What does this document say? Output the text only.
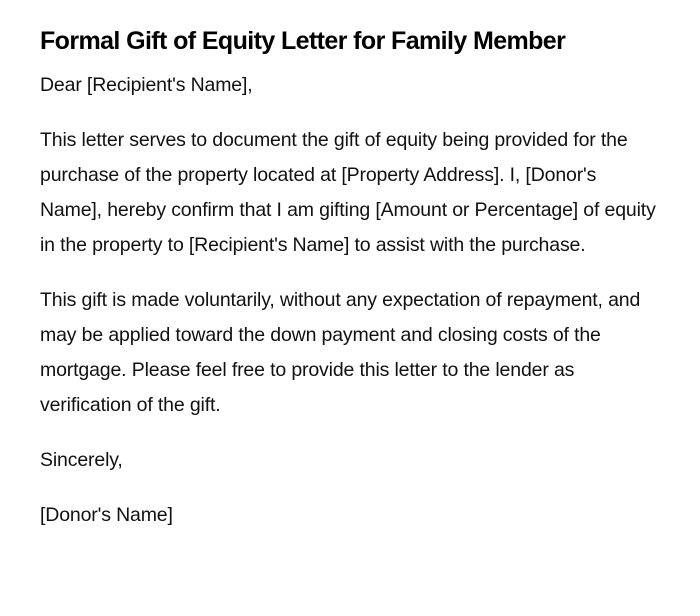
Formal Gift of Equity Letter for Family Member

Dear [Recipient's Name],

This letter serves to document the gift of equity being provided for the purchase of the property located at [Property Address]. I, [Donor's Name], hereby confirm that I am gifting [Amount or Percentage] of equity in the property to [Recipient's Name] to assist with the purchase.

This gift is made voluntarily, without any expectation of repayment, and may be applied toward the down payment and closing costs of the mortgage. Please feel free to provide this letter to the lender as verification of the gift.

Sincerely,

[Donor's Name]
